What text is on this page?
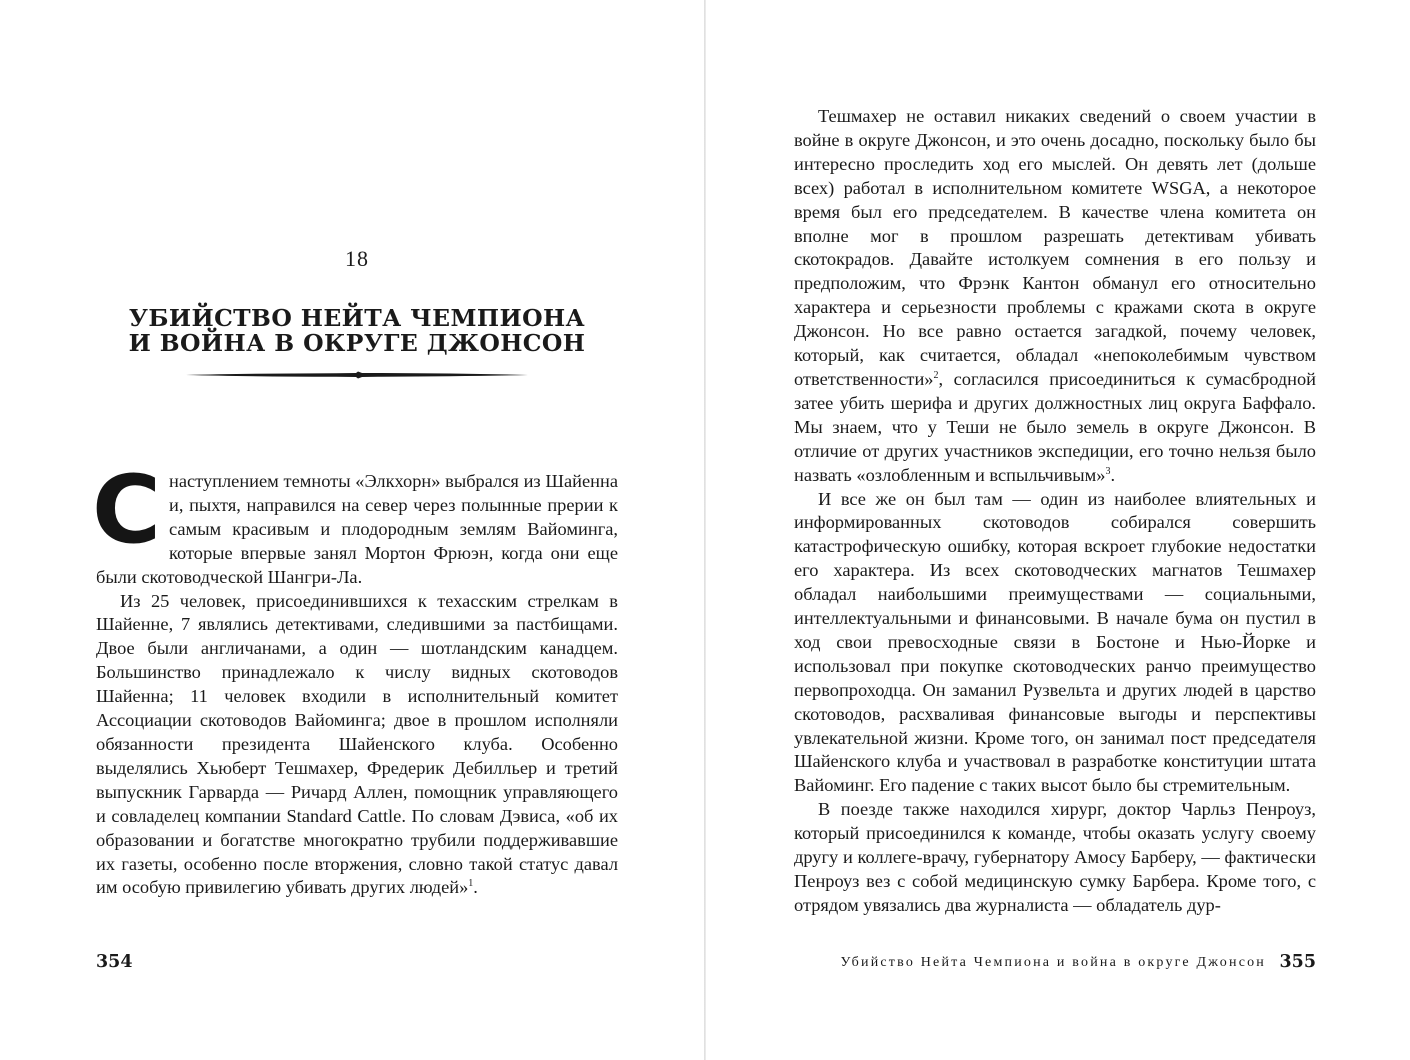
18
УБИЙСТВО НЕЙТА ЧЕМПИОНА
И ВОЙНА В ОКРУГЕ ДЖОНСОН

Снаступлением темноты «Элкхорн» выбрался из Шайенна и, пыхтя, направился на север через полынные прерии к самым красивым и плодородным землям Вайоминга, которые впервые занял Мортон Фрюэн, когда они еще были скотоводческой Шангри-Ла.

Из 25 человек, присоединившихся к техасским стрелкам в Шайенне, 7 являлись детективами, следившими за пастбищами. Двое были англичанами, а один — шотландским канадцем. Большинство принадлежало к числу видных скотоводов Шайенна; 11 человек входили в исполнительный комитет Ассоциации скотоводов Вайоминга; двое в прошлом исполняли обязанности президента Шайенского клуба. Особенно выделялись Хьюберт Тешмахер, Фредерик Дебилльер и третий выпускник Гарварда — Ричард Аллен, помощник управляющего и совладелец компании Standard Cattle. По словам Дэвиса, «об их образовании и богатстве многократно трубили поддерживавшие их газеты, особенно после вторжения, словно такой статус давал им особую привилегию убивать других людей»$^1$.

354

Тешмахер не оставил никаких сведений о своем участии в войне в округе Джонсон, и это очень досадно, поскольку было бы интересно проследить ход его мыслей. Он девять лет (дольше всех) работал в исполнительном комитете WSGA, а некоторое время был его председателем. В качестве члена комитета он вполне мог в прошлом разрешать детективам убивать скотокрадов. Давайте истолкуем сомнения в его пользу и предположим, что Фрэнк Кантон обманул его относительно характера и серьезности проблемы с кражами скота в округе Джонсон. Но все равно остается загадкой, почему человек, который, как считается, обладал «непоколебимым чувством ответственности»$^2$, согласился присоединиться к сумасбродной затее убить шерифа и других должностных лиц округа Баффало. Мы знаем, что у Теши не было земель в округе Джонсон. В отличие от других участников экспедиции, его точно нельзя было назвать «озлобленным и вспыльчивым»$^3$.

И все же он был там — один из наиболее влиятельных и информированных скотоводов собирался совершить катастрофическую ошибку, которая вскроет глубокие недостатки его характера. Из всех скотоводческих магнатов Тешмахер обладал наибольшими преимуществами — социальными, интеллектуальными и финансовыми. В начале бума он пустил в ход свои превосходные связи в Бостоне и Нью-Йорке и использовал при покупке скотоводческих ранчо преимущество первопроходца. Он заманил Рузвельта и других людей в царство скотоводов, расхваливая финансовые выгоды и перспективы увлекательной жизни. Кроме того, он занимал пост председателя Шайенского клуба и участвовал в разработке конституции штата Вайоминг. Его падение с таких высот было бы стремительным.

В поезде также находился хирург, доктор Чарльз Пенроуз, который присоединился к команде, чтобы оказать услугу своему другу и коллеге-врачу, губернатору Амосу Барберу, — фактически Пенроуз вез с собой медицинскую сумку Барбера. Кроме того, с отрядом увязались два журналиста — обладатель дур-

Убийство Нейта Чемпиона и война в округе Джонсон 355
